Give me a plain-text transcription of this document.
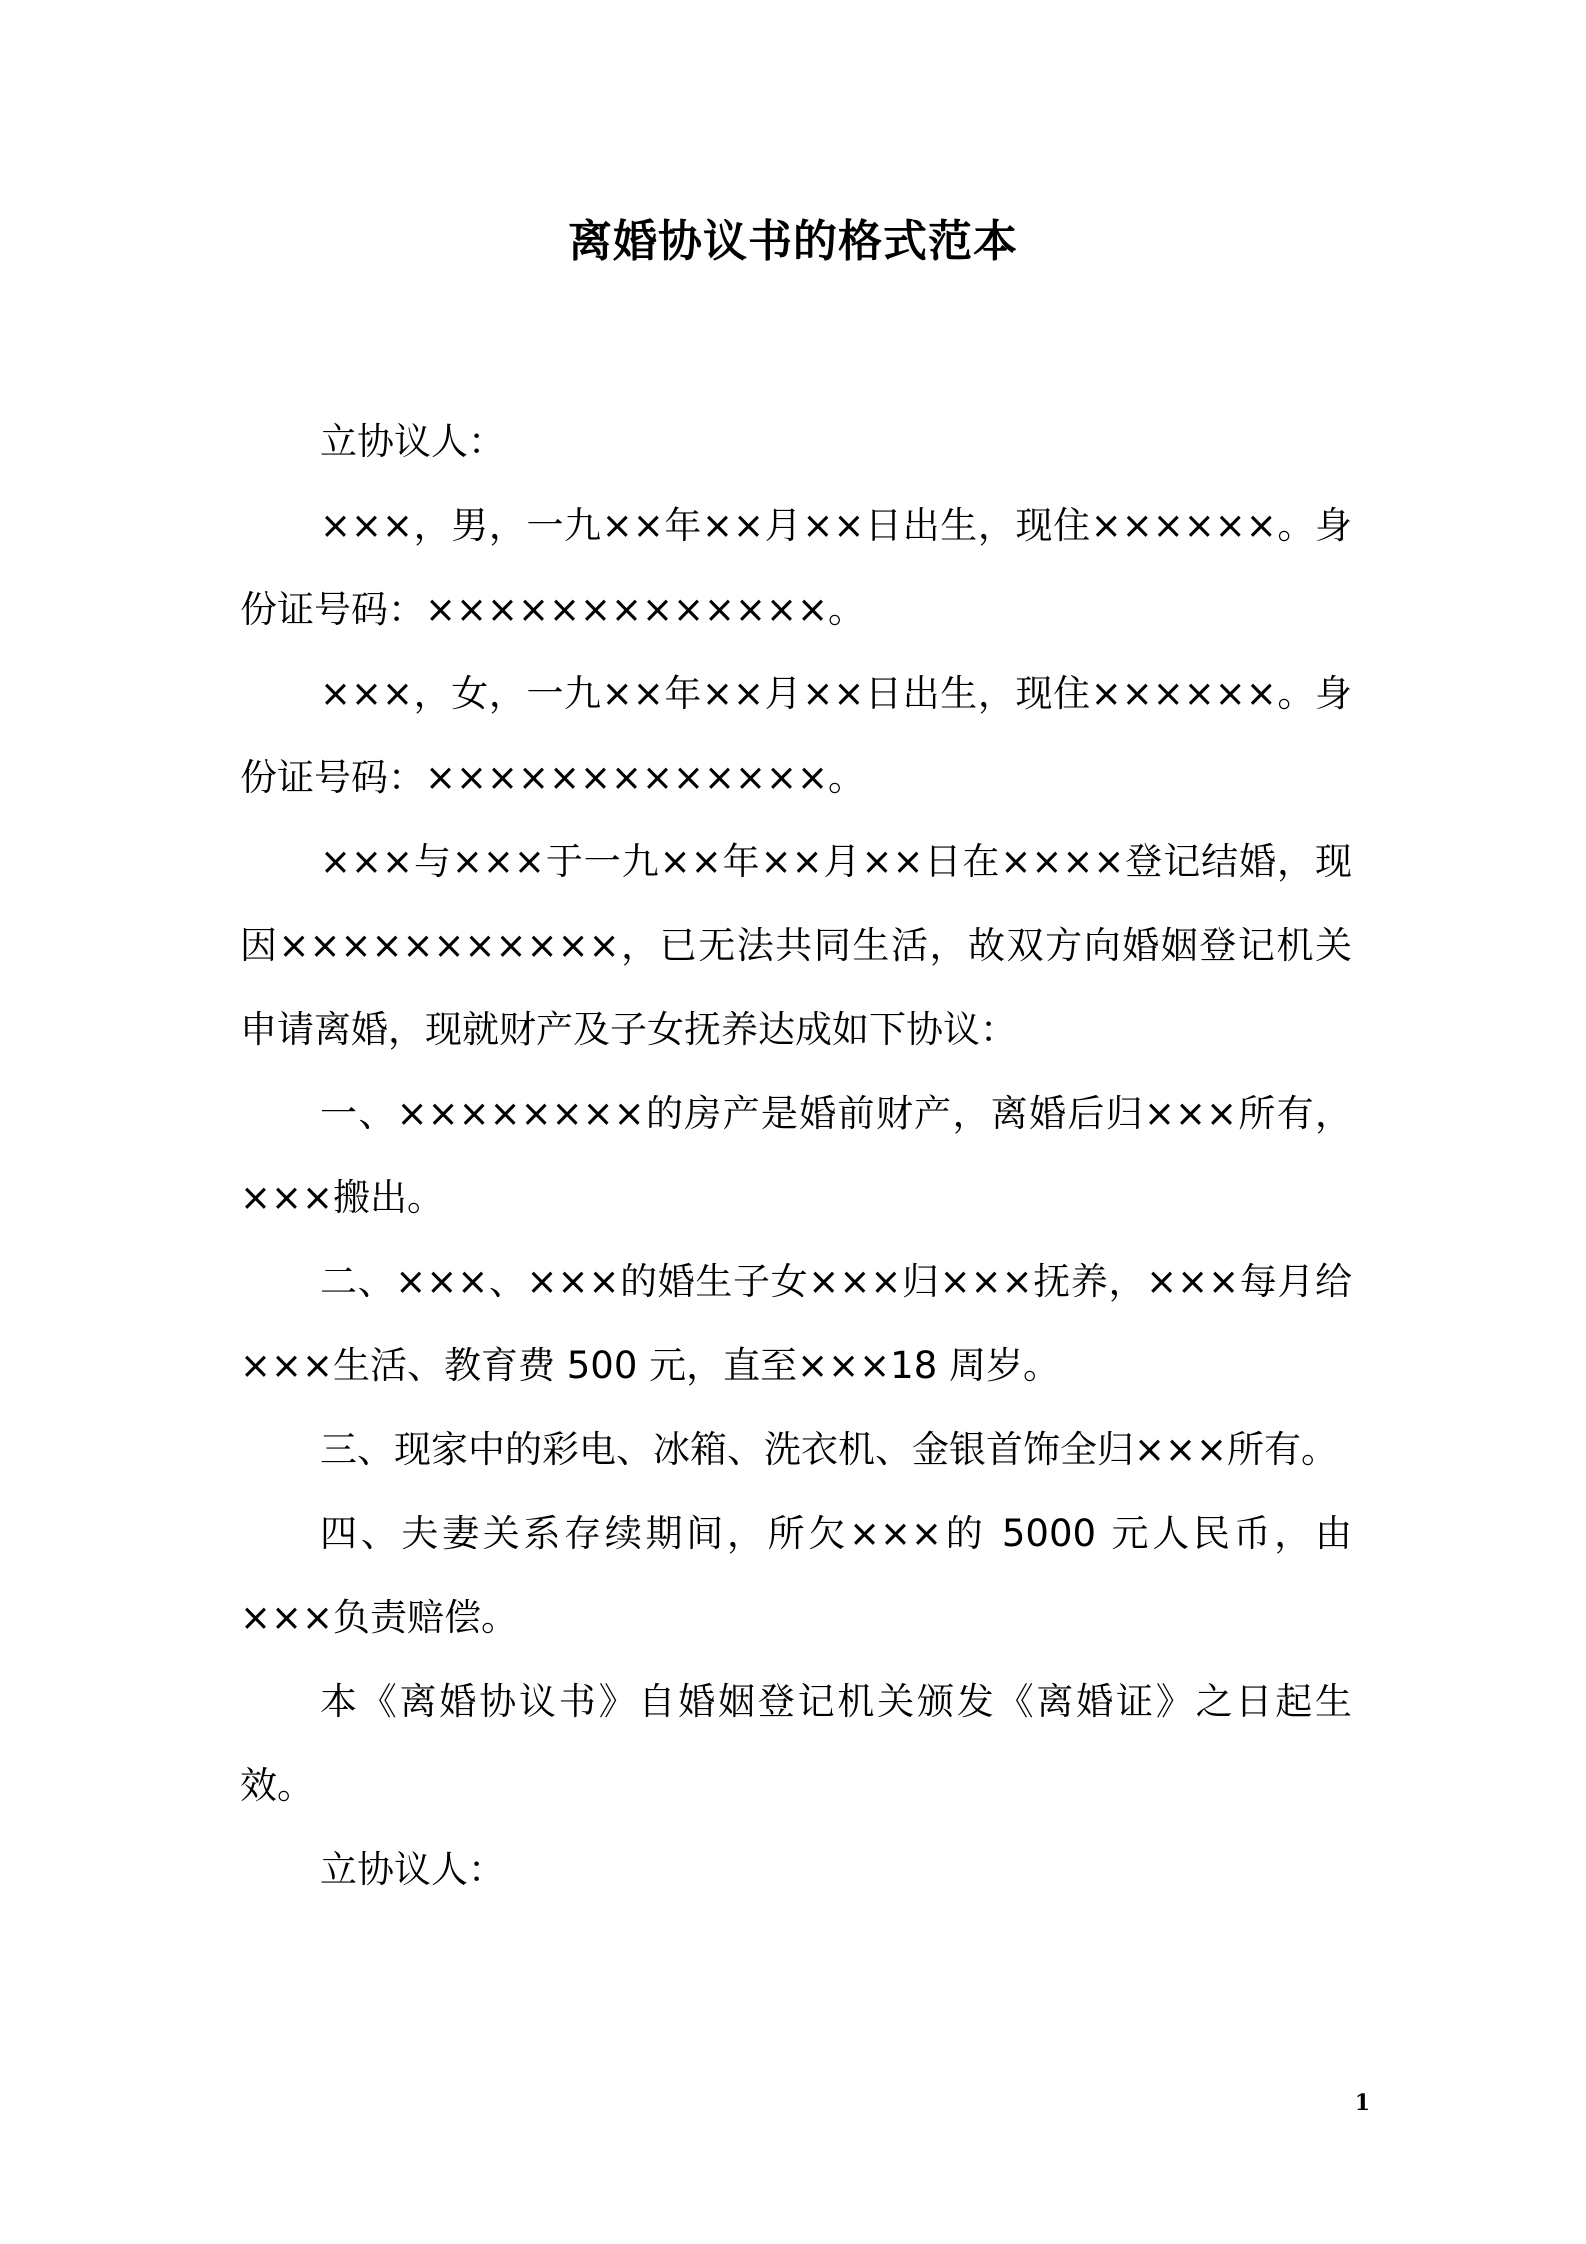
离婚协议书的格式范本

立协议人：

×××，男，一九××年××月××日出生，现住××××××。身份证号码：×××××××××××××。

×××，女，一九××年××月××日出生，现住××××××。身份证号码：×××××××××××××。

×××与×××于一九××年××月××日在××××登记结婚，现因×××××××××××，已无法共同生活，故双方向婚姻登记机关申请离婚，现就财产及子女抚养达成如下协议：

一、××××××××的房产是婚前财产，离婚后归×××所有，×××搬出。

二、×××、×××的婚生子女×××归×××抚养，×××每月给×××生活、教育费 500 元，直至×××18 周岁。

三、现家中的彩电、冰箱、洗衣机、金银首饰全归×××所有。

四、夫妻关系存续期间，所欠×××的 5000 元人民币，由×××负责赔偿。

本《离婚协议书》自婚姻登记机关颁发《离婚证》之日起生效。

立协议人：

1
